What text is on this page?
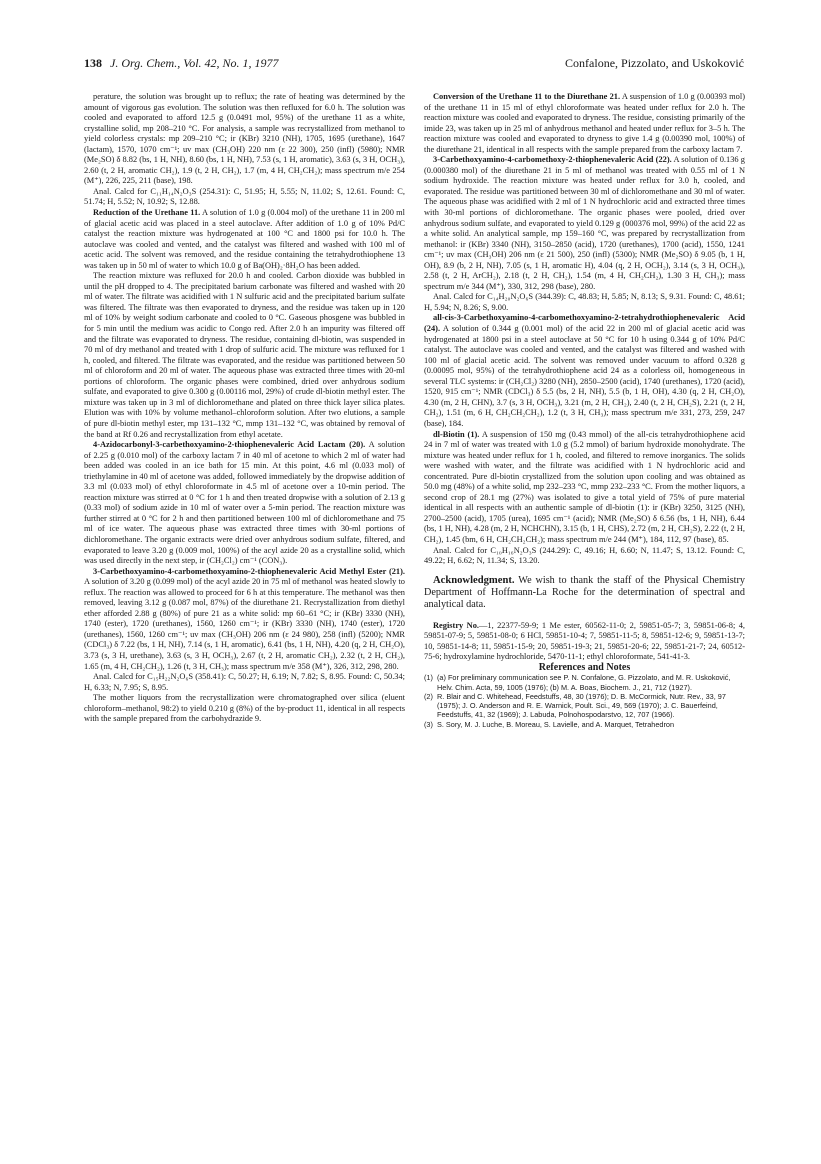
138 J. Org. Chem., Vol. 42, No. 1, 1977	Confalone, Pizzolato, and Uskoković

perature, the solution was brought up to reflux; the rate of heating was determined by the amount of vigorous gas evolution. The solution was then refluxed for 6.0 h. The solution was cooled and evaporated to afford 12.5 g (0.0491 mol, 95%) of the urethane 11 as a white, crystalline solid, mp 208–210 °C. For analysis, a sample was recrystallized from methanol to yield colorless crystals: mp 209–210 °C; ir (KBr) 3210 (NH), 1705, 1695 (urethane), 1647 (lactam), 1570, 1070 cm⁻¹; uv max (CH₃OH) 220 nm (ε 22 300), 250 (infl) (5980); NMR (Me₂SO) δ 8.82 (bs, 1 H, NH), 8.60 (bs, 1 H, NH), 7.53 (s, 1 H, aromatic), 3.63 (s, 3 H, OCH₃), 2.60 (t, 2 H, aromatic CH₂), 1.9 (t, 2 H, CH₂), 1.7 (m, 4 H, CH₂CH₂); mass spectrum m/e 254 (M⁺), 226, 225, 211 (base), 198.

Anal. Calcd for C₁₁H₁₄N₂O₃S (254.31): C, 51.95; H, 5.55; N, 11.02; S, 12.61. Found: C, 51.74; H, 5.52; N, 10.92; S, 12.88.

Reduction of the Urethane 11. A solution of 1.0 g (0.004 mol) of the urethane 11 in 200 ml of glacial acetic acid was placed in a steel autoclave. After addition of 1.0 g of 10% Pd/C catalyst the reaction mixture was hydrogenated at 100 °C and 1800 psi for 10.0 h. The autoclave was cooled and vented, and the catalyst was filtered and washed with 100 ml of acetic acid. The solvent was removed, and the residue containing the tetrahydrothiophene 13 was taken up in 50 ml of water to which 10.0 g of Ba(OH)₂·8H₂O has been added.

The reaction mixture was refluxed for 20.0 h and cooled. Carbon dioxide was bubbled in until the pH dropped to 4. The precipitated barium carbonate was filtered and washed with 20 ml of water. The filtrate was acidified with 1 N sulfuric acid and the precipitated barium sulfate was filtered. The filtrate was then evaporated to dryness, and the residue was taken up in 120 ml of 10% by weight sodium carbonate and cooled to 0 °C. Gaseous phosgene was bubbled in for 5 min until the medium was acidic to Congo red. After 2.0 h an impurity was filtered off and the filtrate was evaporated to dryness. The residue, containing dl-biotin, was suspended in 70 ml of dry methanol and treated with 1 drop of sulfuric acid. The mixture was refluxed for 1 h, cooled, and filtered. The filtrate was evaporated, and the residue was partitioned between 50 ml of chloroform and 20 ml of water. The aqueous phase was extracted three times with 20-ml portions of chloroform. The organic phases were combined, dried over anhydrous sodium sulfate, and evaporated to give 0.300 g (0.00116 mol, 29%) of crude dl-biotin methyl ester. The mixture was taken up in 3 ml of dichloromethane and plated on three thick layer silica plates. Elution was with 10% by volume methanol–chloroform solution. After two elutions, a sample of pure dl-biotin methyl ester, mp 131–132 °C, mmp 131–132 °C, was obtained by removal of the band at Rf 0.26 and recrystallization from ethyl acetate.

4-Azidocarbonyl-3-carbethoxyamino-2-thiophenevaleric Acid Lactam (20). A solution of 2.25 g (0.010 mol) of the carboxy lactam 7 in 40 ml of acetone to which 2 ml of water had been added was cooled in an ice bath for 15 min. At this point, 4.6 ml (0.033 mol) of triethylamine in 40 ml of acetone was added, followed immediately by the dropwise addition of 3.3 ml (0.033 mol) of ethyl chloroformate in 4.5 ml of acetone over a 10-min period. The reaction mixture was stirred at 0 °C for 1 h and then treated dropwise with a solution of 2.13 g (0.33 mol) of sodium azide in 10 ml of water over a 5-min period. The reaction mixture was further stirred at 0 °C for 2 h and then partitioned between 100 ml of dichloromethane and 75 ml of ice water. The aqueous phase was extracted three times with 30-ml portions of dichloromethane. The organic extracts were dried over anhydrous sodium sulfate, filtered, and evaporated to leave 3.20 g (0.009 mol, 100%) of the acyl azide 20 as a crystalline solid, which was used directly in the next step, ir (CH₂Cl₂) cm⁻¹ (CON₃).

3-Carbethoxyamino-4-carbomethoxyamino-2-thiophenevaleric Acid Methyl Ester (21). A solution of 3.20 g (0.099 mol) of the acyl azide 20 in 75 ml of methanol was heated slowly to reflux. The reaction was allowed to proceed for 6 h at this temperature. The methanol was then removed, leaving 3.12 g (0.087 mol, 87%) of the diurethane 21. Recrystallization from diethyl ether afforded 2.88 g (80%) of pure 21 as a white solid: mp 60–61 °C; ir (KBr) 3330 (NH), 1740 (ester), 1720 (urethanes), 1560, 1260 cm⁻¹; ir (KBr) 3330 (NH), 1740 (ester), 1720 (urethanes), 1560, 1260 cm⁻¹; uv max (CH₃OH) 206 nm (ε 24 980), 258 (infl) (5200); NMR (CDCl₃) δ 7.22 (bs, 1 H, NH), 7.14 (s, 1 H, aromatic), 6.41 (bs, 1 H, NH), 4.20 (q, 2 H, CH₂O), 3.73 (s, 3 H, urethane), 3.63 (s, 3 H, OCH₃), 2.67 (t, 2 H, aromatic CH₂), 2.32 (t, 2 H, CH₂), 1.65 (m, 4 H, CH₂CH₂), 1.26 (t, 3 H, CH₃); mass spectrum m/e 358 (M⁺), 326, 312, 298, 280.

Anal. Calcd for C₁₅H₂₂N₂O₆S (358.41): C, 50.27; H, 6.19; N, 7.82; S, 8.95. Found: C, 50.34; H, 6.33; N, 7.95; S, 8.95.

The mother liquors from the recrystallization were chromatographed over silica (eluent chloroform–methanol, 98:2) to yield 0.210 g (8%) of the by-product 11, identical in all respects with the sample prepared from the carbohydrazide 9.

Conversion of the Urethane 11 to the Diurethane 21. A suspension of 1.0 g (0.00393 mol) of the urethane 11 in 15 ml of ethyl chloroformate was heated under reflux for 2.0 h. The reaction mixture was cooled and evaporated to dryness. The residue, consisting primarily of the imide 23, was taken up in 25 ml of anhydrous methanol and heated under reflux for 3–5 h. The reaction mixture was cooled and evaporated to dryness to give 1.4 g (0.00390 mol, 100%) of the diurethane 21, identical in all respects with the sample prepared from the carboxy lactam 7.

3-Carbethoxyamino-4-carbomethoxy-2-thiophenevaleric Acid (22). A solution of 0.136 g (0.000380 mol) of the diurethane 21 in 5 ml of methanol was treated with 0.55 ml of 1 N sodium hydroxide. The reaction mixture was heated under reflux for 3.0 h, cooled, and evaporated. The residue was partitioned between 30 ml of dichloromethane and 30 ml of water. The aqueous phase was acidified with 2 ml of 1 N hydrochloric acid and extracted three times with 30-ml portions of dichloromethane. The organic phases were pooled, dried over anhydrous sodium sulfate, and evaporated to yield 0.129 g (000376 mol, 99%) of the acid 22 as a white solid. An analytical sample, mp 159–160 °C, was prepared by recrystallization from methanol: ir (KBr) 3340 (NH), 3150–2850 (acid), 1720 (urethanes), 1700 (acid), 1550, 1241 cm⁻¹; uv max (CH₃OH) 206 nm (ε 21 500), 250 (infl) (5300); NMR (Me₂SO) δ 9.05 (b, 1 H, OH), 8.9 (b, 2 H, NH), 7.05 (s, 1 H, aromatic H), 4.04 (q, 2 H, OCH₂), 3.14 (s, 3 H, OCH₃), 2.58 (t, 2 H, ArCH₂), 2.18 (t, 2 H, CH₂), 1.54 (m, 4 H, CH₂CH₂), 1.30 3 H, CH₃); mass spectrum m/e 344 (M⁺), 330, 312, 298 (base), 280.

Anal. Calcd for C₁₄H₂₀N₂O₆S (344.39): C, 48.83; H, 5.85; N, 8.13; S, 9.31. Found: C, 48.61; H, 5.94; N, 8.26; S, 9.00.

all-cis-3-Carbethoxyamino-4-carbomethoxyamino-2-tetrahydrothiophenevaleric Acid (24). A solution of 0.344 g (0.001 mol) of the acid 22 in 200 ml of glacial acetic acid was hydrogenated at 1800 psi in a steel autoclave at 50 °C for 10 h using 0.344 g of 10% Pd/C catalyst. The autoclave was cooled and vented, and the catalyst was filtered and washed with 100 ml of glacial acetic acid. The solvent was removed under vacuum to afford 0.328 g (0.00095 mol, 95%) of the tetrahydrothiophene acid 24 as a colorless oil, homogeneous in several TLC systems: ir (CH₂Cl₂) 3280 (NH), 2850–2500 (acid), 1740 (urethanes), 1720 (acid), 1520, 915 cm⁻¹; NMR (CDCl₃) δ 5.5 (bs, 2 H, NH), 5.5 (b, 1 H, OH), 4.30 (q, 2 H, CH₂O), 4.30 (m, 2 H, CHN), 3.7 (s, 3 H, OCH₃), 3.21 (m, 2 H, CH₂), 2.40 (t, 2 H, CH₂S), 2.21 (t, 2 H, CH₂), 1.51 (m, 6 H, CH₂CH₂CH₂), 1.2 (t, 3 H, CH₃); mass spectrum m/e 331, 273, 259, 247 (base), 184.

dl-Biotin (1). A suspension of 150 mg (0.43 mmol) of the all-cis tetrahydrothiophene acid 24 in 7 ml of water was treated with 1.0 g (5.2 mmol) of barium hydroxide monohydrate. The mixture was heated under reflux for 1 h, cooled, and filtered to remove inorganics. The solids were washed with water, and the filtrate was acidified with 1 N hydrochloric acid and concentrated. Pure dl-biotin crystallized from the solution upon cooling and was obtained as 50.0 mg (48%) of a white solid, mp 232–233 °C, mmp 232–233 °C. From the mother liquors, a second crop of 28.1 mg (27%) was isolated to give a total yield of 75% of pure material identical in all respects with an authentic sample of dl-biotin (1): ir (KBr) 3250, 3125 (NH), 2700–2500 (acid), 1705 (urea), 1695 cm⁻¹ (acid); NMR (Me₂SO) δ 6.56 (bs, 1 H, NH), 6.44 (bs, 1 H, NH), 4.28 (m, 2 H, NCHCHN), 3.15 (b, 1 H, CHS), 2.72 (m, 2 H, CH₂S), 2.22 (t, 2 H, CH₂), 1.45 (bm, 6 H, CH₂CH₂CH₂); mass spectrum m/e 244 (M⁺), 184, 112, 97 (base), 85.

Anal. Calcd for C₁₀H₁₆N₂O₃S (244.29): C, 49.16; H, 6.60; N, 11.47; S, 13.12. Found: C, 49.22; H, 6.62; N, 11.34; S, 13.20.

Acknowledgment. We wish to thank the staff of the Physical Chemistry Department of Hoffmann-La Roche for the determination of spectral and analytical data.

Registry No.—1, 22377-59-9; 1 Me ester, 60562-11-0; 2, 59851-05-7; 3, 59851-06-8; 4, 59851-07-9; 5, 59851-08-0; 6 HCl, 59851-10-4; 7, 59851-11-5; 8, 59851-12-6; 9, 59851-13-7; 10, 59851-14-8; 11, 59851-15-9; 20, 59851-19-3; 21, 59851-20-6; 22, 59851-21-7; 24, 60512-75-6; hydroxylamine hydrochloride, 5470-11-1; ethyl chloroformate, 541-41-3.

References and Notes

(1) (a) For preliminary communication see P. N. Confalone, G. Pizzolato, and M. R. Uskoković, Helv. Chim. Acta, 59, 1005 (1976); (b) M. A. Boas, Biochem. J., 21, 712 (1927).

(2) R. Blair and C. Whitehead, Feedstuffs, 48, 30 (1976); D. B. McCormick, Nutr. Rev., 33, 97 (1975); J. O. Anderson and R. E. Warnick, Poult. Sci., 49, 569 (1970); J. C. Bauerfeind, Feedstuffs, 41, 32 (1969); J. Labuda, Polnohospodarstvo, 12, 707 (1966).

(3) S. Sory, M. J. Luche, B. Moreau, S. Lavielle, and A. Marquet, Tetrahedron
